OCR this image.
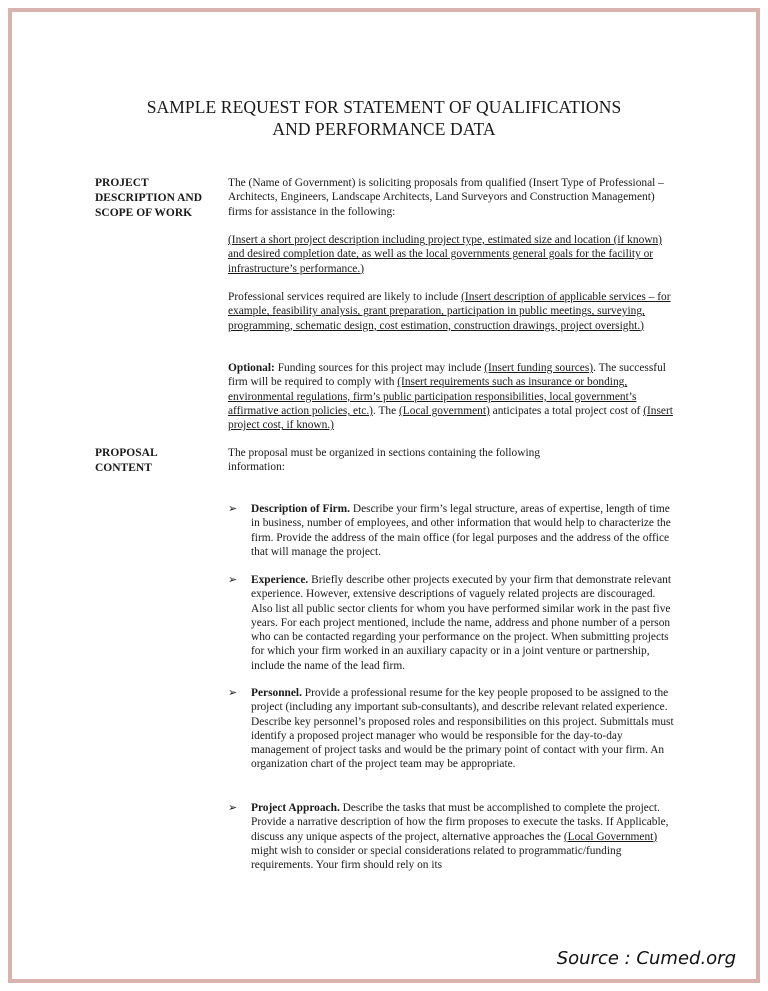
SAMPLE REQUEST FOR STATEMENT OF QUALIFICATIONS
AND PERFORMANCE DATA
PROJECT
DESCRIPTION AND
SCOPE OF WORK

The (Name of Government) is soliciting proposals from qualified (Insert Type of Professional – Architects, Engineers, Landscape Architects, Land Surveyors and Construction Management) firms for assistance in the following:

(Insert a short project description including project type, estimated size and location (if known) and desired completion date, as well as the local governments general goals for the facility or infrastructure’s performance.)

Professional services required are likely to include (Insert description of applicable services – for example, feasibility analysis, grant preparation, participation in public meetings, surveying, programming, schematic design, cost estimation, construction drawings, project oversight.)

Optional: Funding sources for this project may include (Insert funding sources). The successful firm will be required to comply with (Insert requirements such as insurance or bonding, environmental regulations, firm’s public participation responsibilities, local government’s affirmative action policies, etc.). The (Local government) anticipates a total project cost of (Insert project cost, if known.)

PROPOSAL
CONTENT

The proposal must be organized in sections containing the following information:

➢ Description of Firm. Describe your firm’s legal structure, areas of expertise, length of time in business, number of employees, and other information that would help to characterize the firm. Provide the address of the main office (for legal purposes and the address of the office that will manage the project.
➢ Experience. Briefly describe other projects executed by your firm that demonstrate relevant experience. However, extensive descriptions of vaguely related projects are discouraged. Also list all public sector clients for whom you have performed similar work in the past five years. For each project mentioned, include the name, address and phone number of a person who can be contacted regarding your performance on the project. When submitting projects for which your firm worked in an auxiliary capacity or in a joint venture or partnership, include the name of the lead firm.
➢ Personnel. Provide a professional resume for the key people proposed to be assigned to the project (including any important sub-consultants), and describe relevant related experience. Describe key personnel’s proposed roles and responsibilities on this project. Submittals must identify a proposed project manager who would be responsible for the day-to-day management of project tasks and would be the primary point of contact with your firm. An organization chart of the project team may be appropriate.
➢ Project Approach. Describe the tasks that must be accomplished to complete the project. Provide a narrative description of how the firm proposes to execute the tasks. If Applicable, discuss any unique aspects of the project, alternative approaches the (Local Government) might wish to consider or special considerations related to programmatic/funding requirements. Your firm should rely on its
Source : Cumed.org
